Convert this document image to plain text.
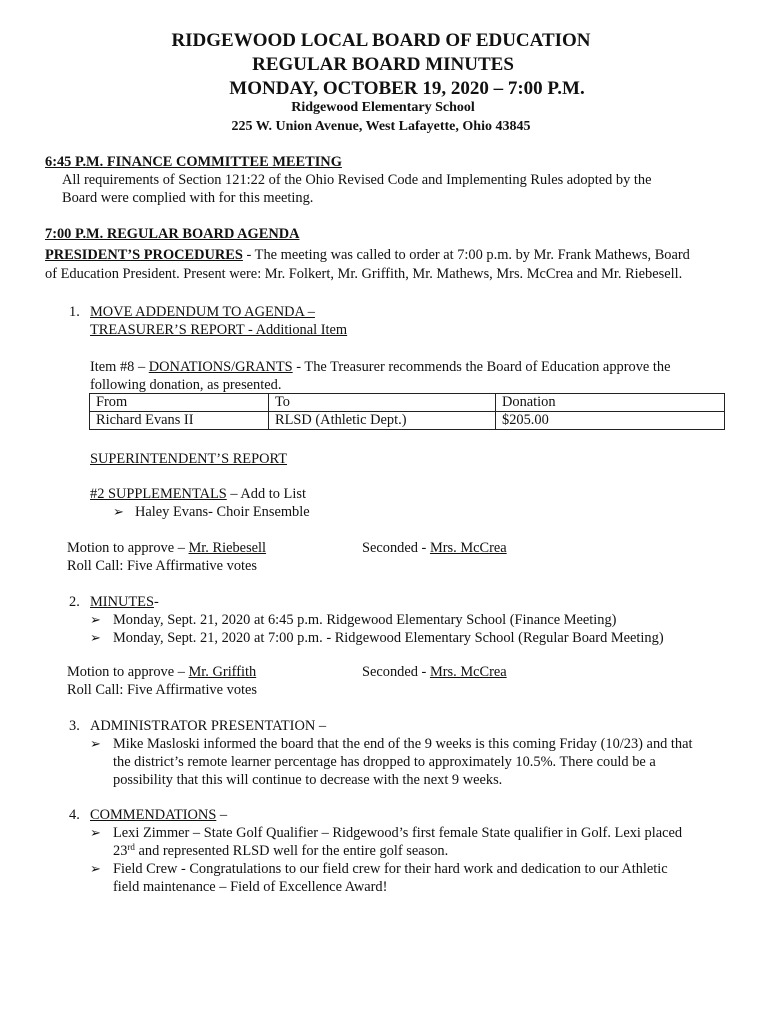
RIDGEWOOD LOCAL BOARD OF EDUCATION
REGULAR BOARD MINUTES
MONDAY, OCTOBER 19, 2020 – 7:00 P.M.
Ridgewood Elementary School
225 W. Union Avenue, West Lafayette, Ohio 43845
6:45 P.M. FINANCE COMMITTEE MEETING
All requirements of Section 121:22 of the Ohio Revised Code and Implementing Rules adopted by the
Board were complied with for this meeting.
7:00 P.M. REGULAR BOARD AGENDA
PRESIDENT’S PROCEDURES - The meeting was called to order at 7:00 p.m. by Mr. Frank Mathews, Board
of Education President. Present were: Mr. Folkert, Mr. Griffith, Mr. Mathews, Mrs. McCrea and Mr. Riebesell.
1. MOVE ADDENDUM TO AGENDA –
TREASURER’S REPORT - Additional Item
Item #8 – DONATIONS/GRANTS - The Treasurer recommends the Board of Education approve the
following donation, as presented.
From	To	Donation
Richard Evans II	RLSD (Athletic Dept.)	$205.00
SUPERINTENDENT’S REPORT
#2 SUPPLEMENTALS – Add to List
➢ Haley Evans- Choir Ensemble
Motion to approve – Mr. Riebesell	Seconded - Mrs. McCrea
Roll Call: Five Affirmative votes
2. MINUTES-
➢ Monday, Sept. 21, 2020 at 6:45 p.m. Ridgewood Elementary School (Finance Meeting)
➢ Monday, Sept. 21, 2020 at 7:00 p.m. - Ridgewood Elementary School (Regular Board Meeting)
Motion to approve – Mr. Griffith	Seconded - Mrs. McCrea
Roll Call: Five Affirmative votes
3. ADMINISTRATOR PRESENTATION –
➢ Mike Masloski informed the board that the end of the 9 weeks is this coming Friday (10/23) and that
the district’s remote learner percentage has dropped to approximately 10.5%. There could be a
possibility that this will continue to decrease with the next 9 weeks.
4. COMMENDATIONS –
➢ Lexi Zimmer – State Golf Qualifier – Ridgewood’s first female State qualifier in Golf. Lexi placed
23rd and represented RLSD well for the entire golf season.
➢ Field Crew - Congratulations to our field crew for their hard work and dedication to our Athletic
field maintenance – Field of Excellence Award!
